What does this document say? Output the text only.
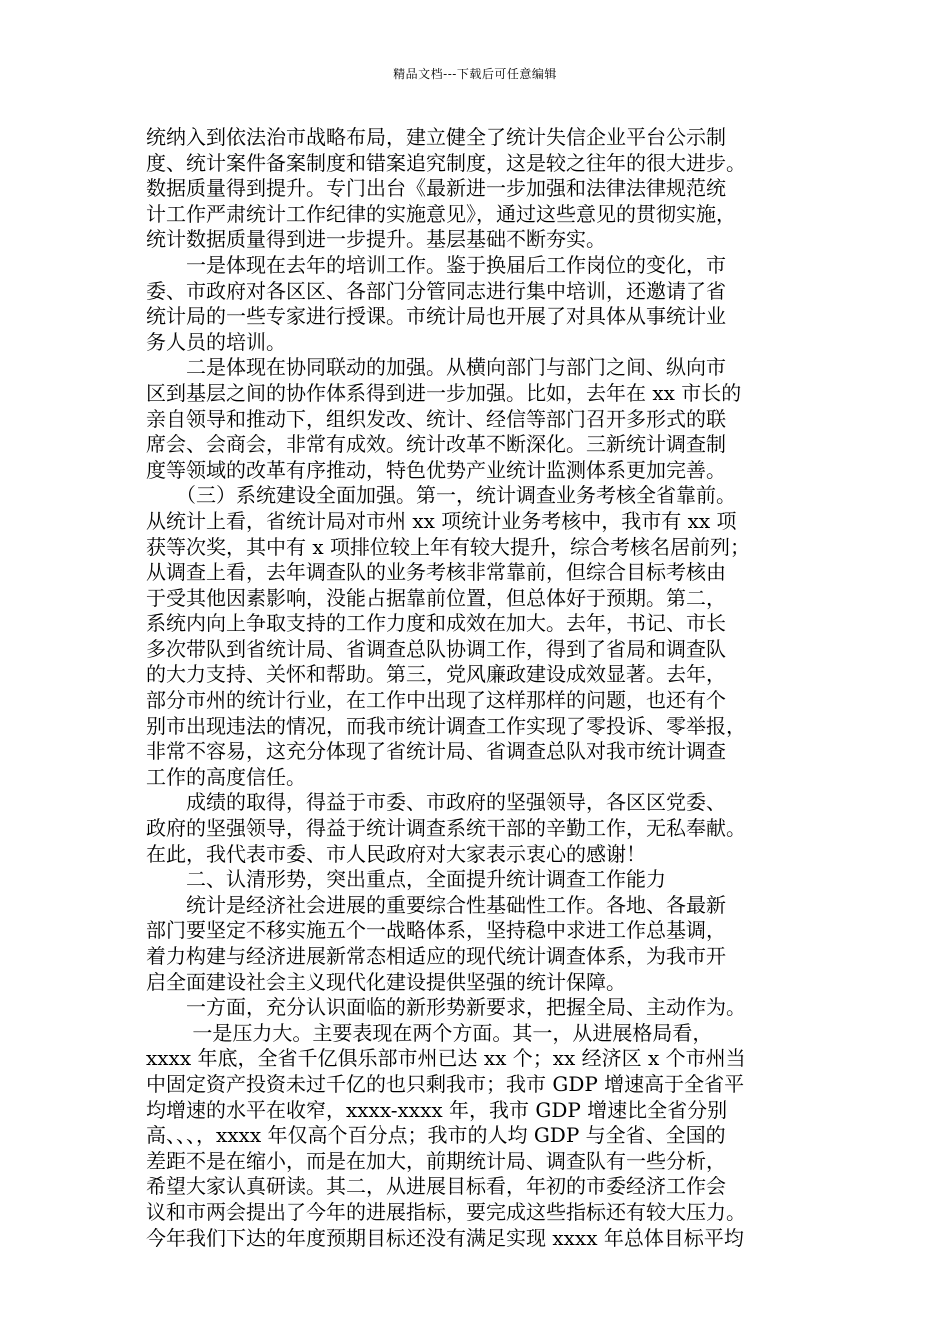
精品文档---下载后可任意编辑
统纳入到依法治市战略布局，建立健全了统计失信企业平台公示制
度、统计案件备案制度和错案追究制度，这是较之往年的很大进步。
数据质量得到提升。专门出台《最新进一步加强和法律法律规范统
计工作严肃统计工作纪律的实施意见》，通过这些意见的贯彻实施，
统计数据质量得到进一步提升。基层基础不断夯实。
　　一是体现在去年的培训工作。鉴于换届后工作岗位的变化，市
委、市政府对各区区、各部门分管同志进行集中培训，还邀请了省
统计局的一些专家进行授课。市统计局也开展了对具体从事统计业
务人员的培训。
　　二是体现在协同联动的加强。从横向部门与部门之间、纵向市
区到基层之间的协作体系得到进一步加强。比如，去年在 xx 市长的
亲自领导和推动下，组织发改、统计、经信等部门召开多形式的联
席会、会商会，非常有成效。统计改革不断深化。三新统计调查制
度等领域的改革有序推动，特色优势产业统计监测体系更加完善。
　　（三）系统建设全面加强。第一，统计调查业务考核全省靠前。
从统计上看，省统计局对市州 xx 项统计业务考核中，我市有 xx 项
获等次奖，其中有 x 项排位较上年有较大提升，综合考核名居前列；
从调查上看，去年调查队的业务考核非常靠前，但综合目标考核由
于受其他因素影响，没能占据靠前位置，但总体好于预期。第二，
系统内向上争取支持的工作力度和成效在加大。去年，书记、市长
多次带队到省统计局、省调查总队协调工作，得到了省局和调查队
的大力支持、关怀和帮助。第三，党风廉政建设成效显著。去年，
部分市州的统计行业，在工作中出现了这样那样的问题，也还有个
别市出现违法的情况，而我市统计调查工作实现了零投诉、零举报，
非常不容易，这充分体现了省统计局、省调查总队对我市统计调查
工作的高度信任。
　　成绩的取得，得益于市委、市政府的坚强领导，各区区党委、
政府的坚强领导，得益于统计调查系统干部的辛勤工作，无私奉献。
在此，我代表市委、市人民政府对大家表示衷心的感谢！
　　二、认清形势，突出重点，全面提升统计调查工作能力
　　统计是经济社会进展的重要综合性基础性工作。各地、各最新
部门要坚定不移实施五个一战略体系，坚持稳中求进工作总基调，
着力构建与经济进展新常态相适应的现代统计调查体系，为我市开
启全面建设社会主义现代化建设提供坚强的统计保障。
　　一方面，充分认识面临的新形势新要求，把握全局、主动作为。
　　 一是压力大。主要表现在两个方面。其一，从进展格局看，
xxxx 年底，全省千亿俱乐部市州已达 xx 个；xx 经济区 x 个市州当
中固定资产投资未过千亿的也只剩我市；我市 GDP 增速高于全省平
均增速的水平在收窄，xxxx-xxxx 年，我市 GDP 增速比全省分别
高、、、，xxxx 年仅高个百分点；我市的人均 GDP 与全省、全国的
差距不是在缩小，而是在加大，前期统计局、调查队有一些分析，
希望大家认真研读。其二，从进展目标看，年初的市委经济工作会
议和市两会提出了今年的进展指标，要完成这些指标还有较大压力。
今年我们下达的年度预期目标还没有满足实现 xxxx 年总体目标平均
